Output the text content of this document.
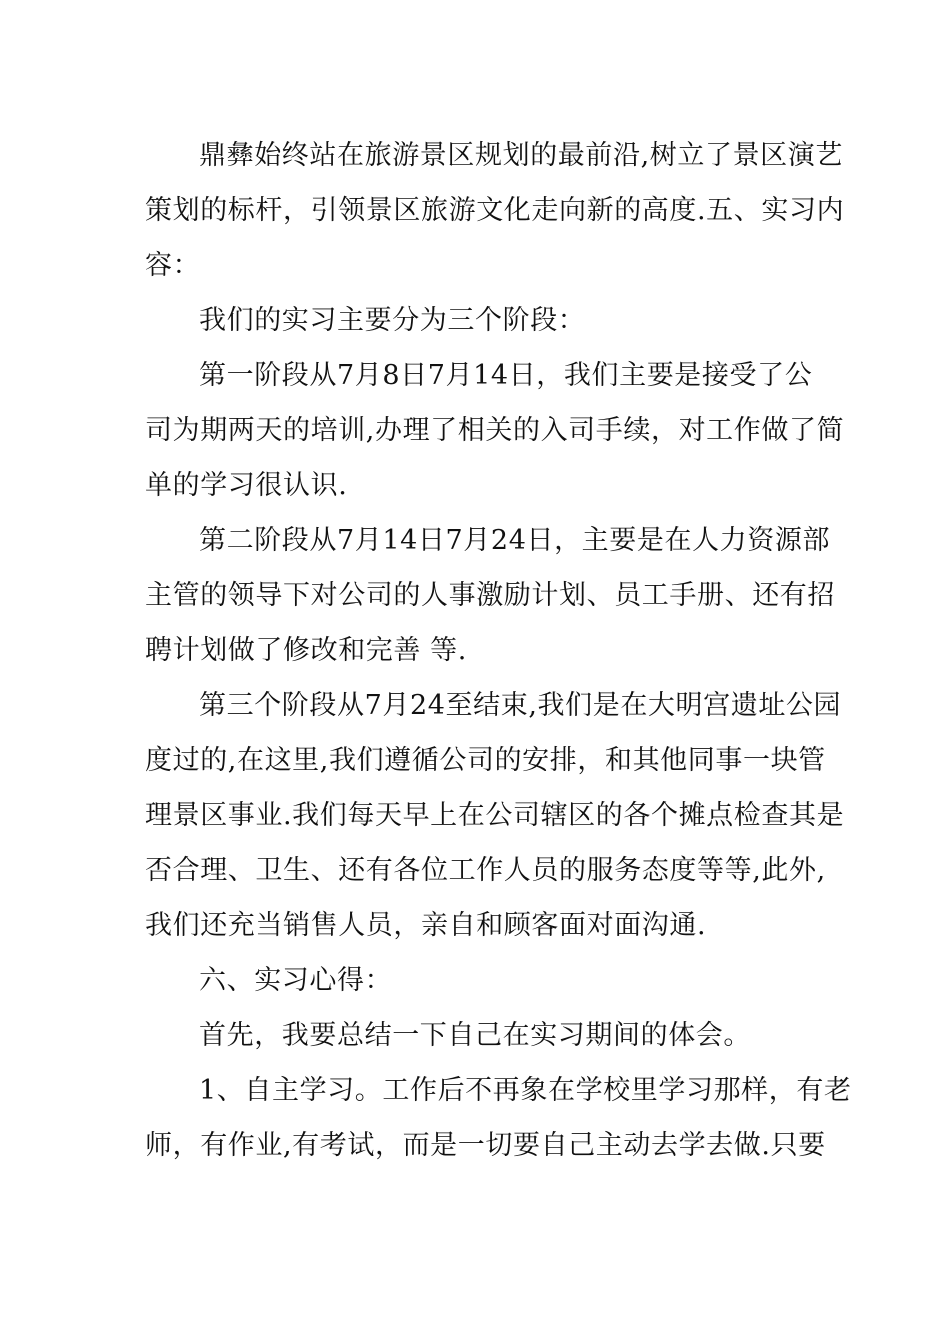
鼎彝始终站在旅游景区规划的最前沿,树立了景区演艺
策划的标杆，引领景区旅游文化走向新的高度.五、实习内
容：
我们的实习主要分为三个阶段：
第一阶段从7月8日7月14日，我们主要是接受了公
司为期两天的培训,办理了相关的入司手续，对工作做了简
单的学习很认识.
第二阶段从7月14日7月24日，主要是在人力资源部
主管的领导下对公司的人事激励计划、员工手册、还有招
聘计划做了修改和完善 等.
第三个阶段从7月24至结束,我们是在大明宫遗址公园
度过的,在这里,我们遵循公司的安排，和其他同事一块管
理景区事业.我们每天早上在公司辖区的各个摊点检查其是
否合理、卫生、还有各位工作人员的服务态度等等,此外,
我们还充当销售人员，亲自和顾客面对面沟通.
六、实习心得：
首先，我要总结一下自己在实习期间的体会。
1、自主学习。工作后不再象在学校里学习那样，有老
师，有作业,有考试，而是一切要自己主动去学去做.只要
